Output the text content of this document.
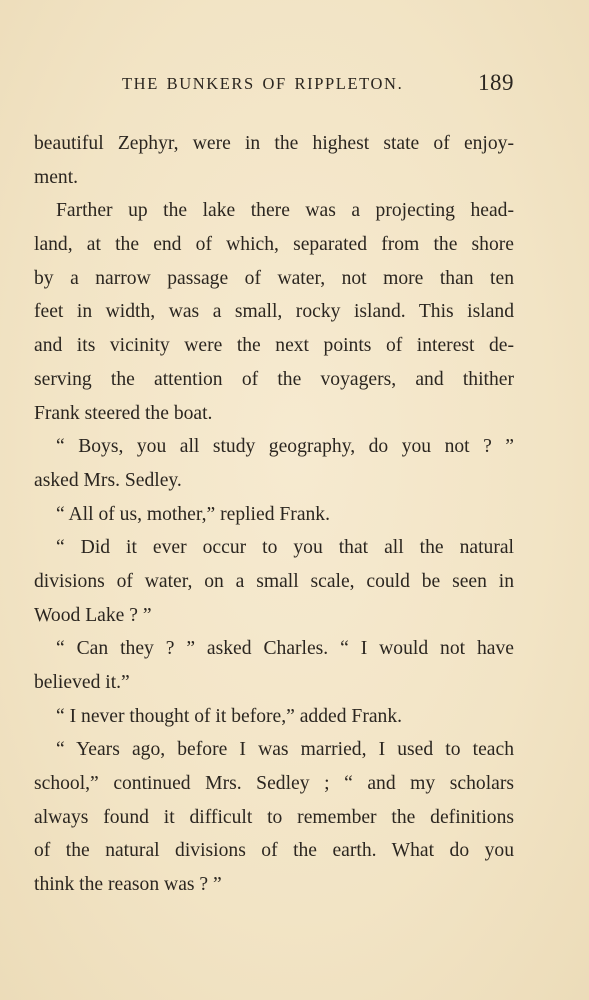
THE BUNKERS OF RIPPLETON.	189
beautiful Zephyr, were in the highest state of enjoy-
ment.
Farther up the lake there was a projecting head-
land, at the end of which, separated from the shore
by a narrow passage of water, not more than ten
feet in width, was a small, rocky island. This island
and its vicinity were the next points of interest de-
serving the attention of the voyagers, and thither
Frank steered the boat.
“ Boys, you all study geography, do you not ? ”
asked Mrs. Sedley.
“ All of us, mother,” replied Frank.
“ Did it ever occur to you that all the natural
divisions of water, on a small scale, could be seen in
Wood Lake ? ”
“ Can they ? ” asked Charles. “ I would not have
believed it.”
“ I never thought of it before,” added Frank.
“ Years ago, before I was married, I used to teach
school,” continued Mrs. Sedley ; “ and my scholars
always found it difficult to remember the definitions
of the natural divisions of the earth. What do you
think the reason was ? ”
